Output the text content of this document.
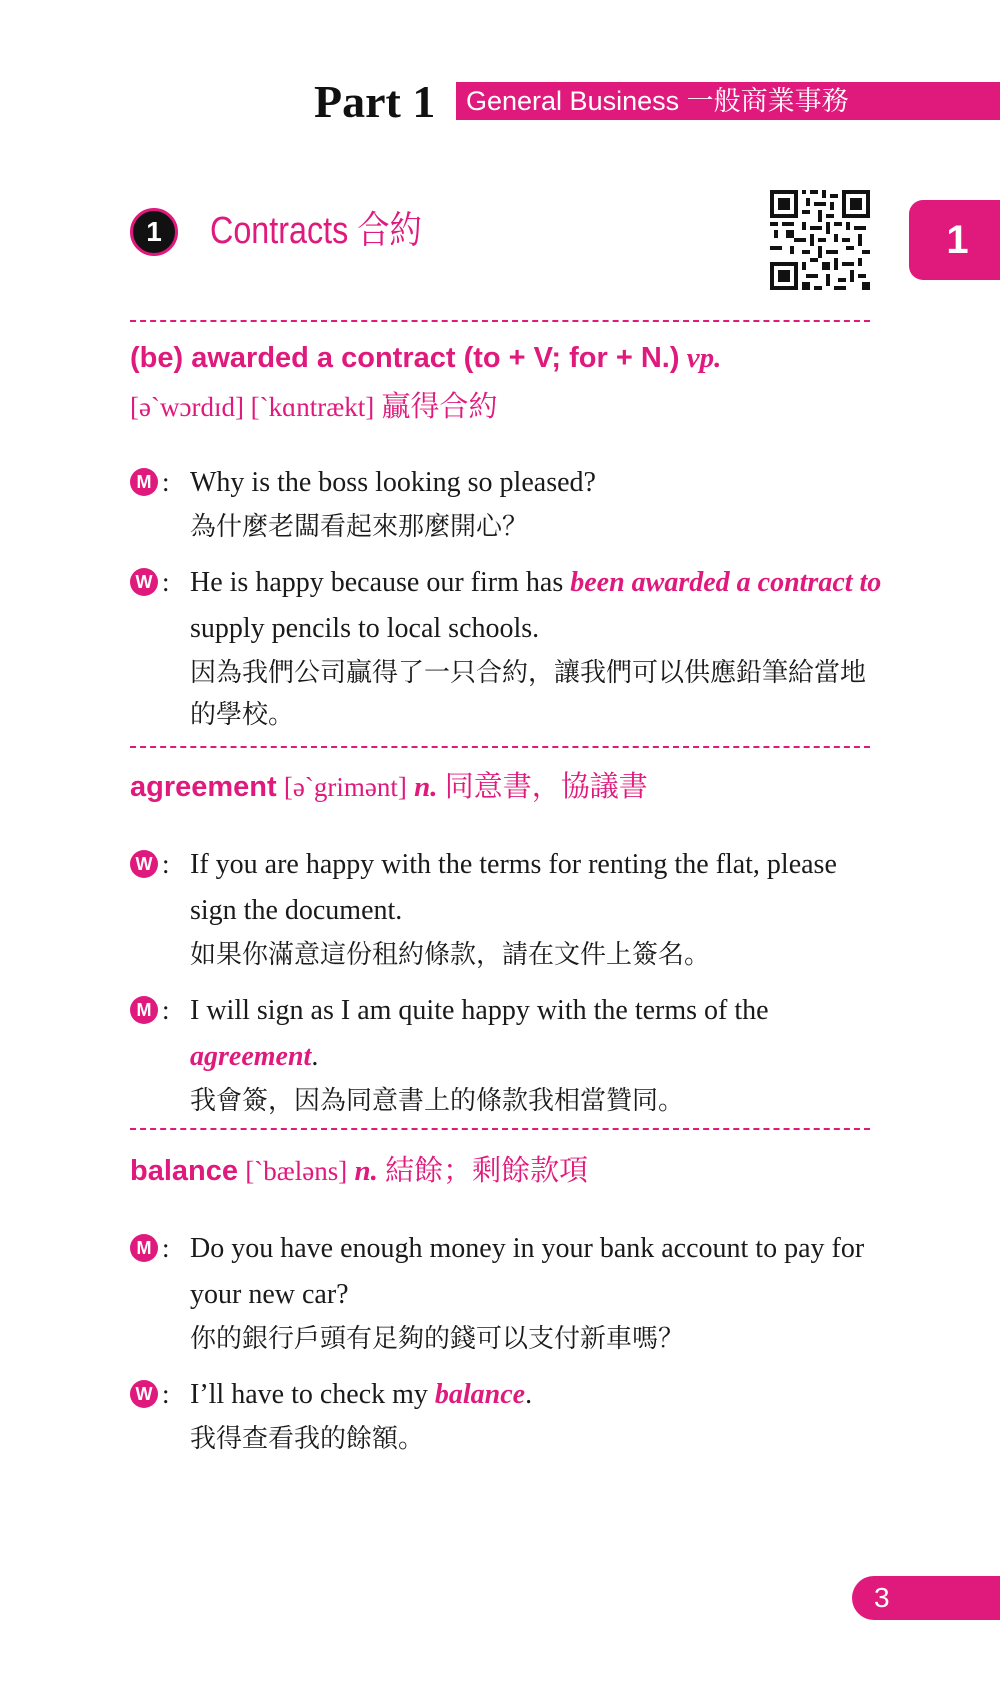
Part 1	General Business 一般商業事務
1
1	Contracts 合約
(be) awarded a contract (to + V; for + N.) vp.
[ə`wɔrdɪd] [`kɑntrækt] 贏得合約
M : Why is the boss looking so pleased?
為什麼老闆看起來那麼開心？
W : He is happy because our firm has been awarded a contract to supply pencils to local schools.
因為我們公司贏得了一只合約，讓我們可以供應鉛筆給當地的學校。
agreement [ə`grimənt] n. 同意書，協議書
W : If you are happy with the terms for renting the flat, please sign the document.
如果你滿意這份租約條款，請在文件上簽名。
M : I will sign as I am quite happy with the terms of the agreement.
我會簽，因為同意書上的條款我相當贊同。
balance [`bæləns] n. 結餘；剩餘款項
M : Do you have enough money in your bank account to pay for your new car?
你的銀行戶頭有足夠的錢可以支付新車嗎？
W : I’ll have to check my balance.
我得查看我的餘額。
3
